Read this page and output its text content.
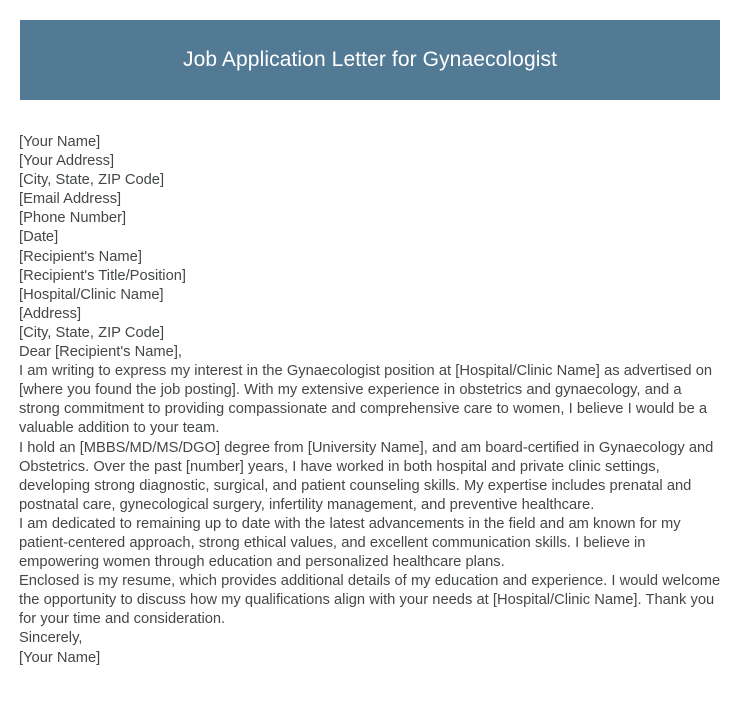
Job Application Letter for Gynaecologist
[Your Name]
[Your Address]
[City, State, ZIP Code]
[Email Address]
[Phone Number]
[Date]
[Recipient's Name]
[Recipient's Title/Position]
[Hospital/Clinic Name]
[Address]
[City, State, ZIP Code]
Dear [Recipient's Name],

I am writing to express my interest in the Gynaecologist position at [Hospital/Clinic Name] as advertised on [where you found the job posting]. With my extensive experience in obstetrics and gynaecology, and a strong commitment to providing compassionate and comprehensive care to women, I believe I would be a valuable addition to your team.

I hold an [MBBS/MD/MS/DGO] degree from [University Name], and am board-certified in Gynaecology and Obstetrics. Over the past [number] years, I have worked in both hospital and private clinic settings, developing strong diagnostic, surgical, and patient counseling skills. My expertise includes prenatal and postnatal care, gynecological surgery, infertility management, and preventive healthcare.

I am dedicated to remaining up to date with the latest advancements in the field and am known for my patient-centered approach, strong ethical values, and excellent communication skills. I believe in empowering women through education and personalized healthcare plans.

Enclosed is my resume, which provides additional details of my education and experience. I would welcome the opportunity to discuss how my qualifications align with your needs at [Hospital/Clinic Name]. Thank you for your time and consideration.

Sincerely,
[Your Name]
